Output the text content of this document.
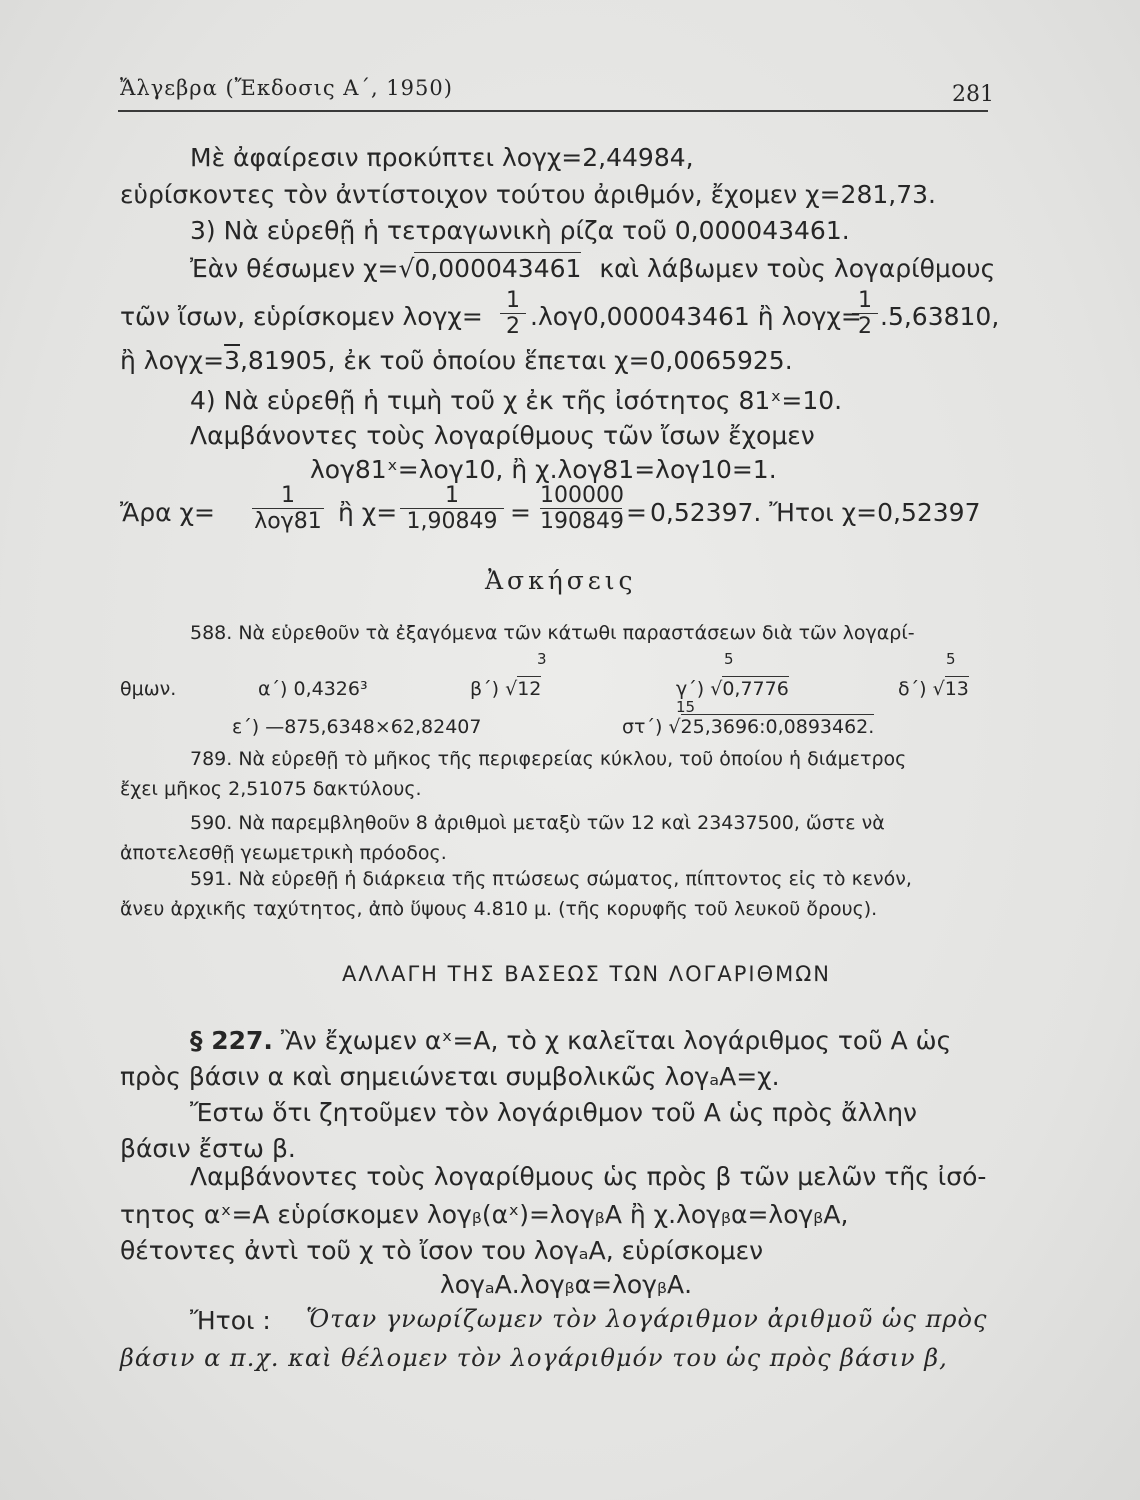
Ἄλγεβρα (Ἔκδοσις Α΄, 1950)	281
Μὲ ἀφαίρεσιν προκύπτει λογχ=2,44984,
εὑρίσκοντες τὸν ἀντίστοιχον τούτου ἀριθμόν, ἔχομεν χ=281,73.
3) Νὰ εὑρεθῇ ἡ τετραγωνικὴ ρίζα τοῦ 0,000043461.
Ἐὰν θέσωμεν χ=√0,000043461 καὶ λάβωμεν τοὺς λογαρίθμους
τῶν ἴσων, εὑρίσκομεν $\lambda o\gamma\chi= \frac{1}{2} .\lambda o\gamma 0,000043461$ ἢ λογχ=
$\frac{1}{2} .5,63810$,
ἢ λογχ=3,81905, ἐκ τοῦ ὁποίου ἕπεται χ=0,0065925.
4) Νὰ εὑρεθῇ ἡ τιμὴ τοῦ χ ἐκ τῆς ἰσότητος 81ˣ=10.
Λαμβάνοντες τοὺς λογαρίθμους τῶν ἴσων ἔχομεν
λογ81ˣ=λογ10, ἢ χ.λογ81=λογ10=1.
Ἄρα χ=
1
λογ81 ἢ $\chi= \frac{1}{1,90849} = \frac{100000}{190849} = 0,52397$. Ἤτοι χ=0,52397
Ἀσκήσεις
588. Νὰ εὑρεθοῦν τὰ ἐξαγόμενα τῶν κάτωθι παραστάσεων διὰ τῶν λογαρί-
θμων.	α΄) 0,4326³	β΄) √12
3
γ΄) √0,7776
5
δ΄) √13
5
ε΄) —875,6348×62,82407	στ΄) √25,3696:0,0893462.
15
789. Νὰ εὑρεθῇ τὸ μῆκος τῆς περιφερείας κύκλου, τοῦ ὁποίου ἡ διάμετρος
ἔχει μῆκος 2,51075 δακτύλους.
590. Νὰ παρεμβληθοῦν 8 ἀριθμοὶ μεταξὺ τῶν 12 καὶ 23437500, ὥστε νὰ
ἀποτελεσθῇ γεωμετρικὴ πρόοδος.
591. Νὰ εὑρεθῇ ἡ διάρκεια τῆς πτώσεως σώματος, πίπτοντος εἰς τὸ κενόν,
ἄνευ ἀρχικῆς ταχύτητος, ἀπὸ ὕψους 4.810 μ. (τῆς κορυφῆς τοῦ λευκοῦ ὄρους).
ΑΛΛΑΓΗ ΤΗΣ ΒΑΣΕΩΣ ΤΩΝ ΛΟΓΑΡΙΘΜΩΝ
§ 227. Ἂν ἔχωμεν αˣ=Α, τὸ χ καλεῖται λογάριθμος τοῦ Α ὡς
πρὸς βάσιν α καὶ σημειώνεται συμβολικῶς λογₐΑ=χ.
Ἔστω ὅτι ζητοῦμεν τὸν λογάριθμον τοῦ Α ὡς πρὸς ἄλλην
βάσιν ἔστω β.
Λαμβάνοντες τοὺς λογαρίθμους ὡς πρὸς β τῶν μελῶν τῆς ἰσό-
τητος αˣ=Α εὑρίσκομεν λογᵦ(αˣ)=λογᵦΑ ἢ χ.λογᵦα=λογᵦΑ,
θέτοντες ἀντὶ τοῦ χ τὸ ἴσον του λογₐΑ, εὑρίσκομεν
λογₐΑ.λογᵦα=λογᵦΑ.
Ἤτοι : Ὅταν γνωρίζωμεν τὸν λογάριθμον ἀριθμοῦ ὡς πρὸς
βάσιν α π.χ. καὶ θέλομεν τὸν λογάριθμόν του ὡς πρὸς βάσιν β,
